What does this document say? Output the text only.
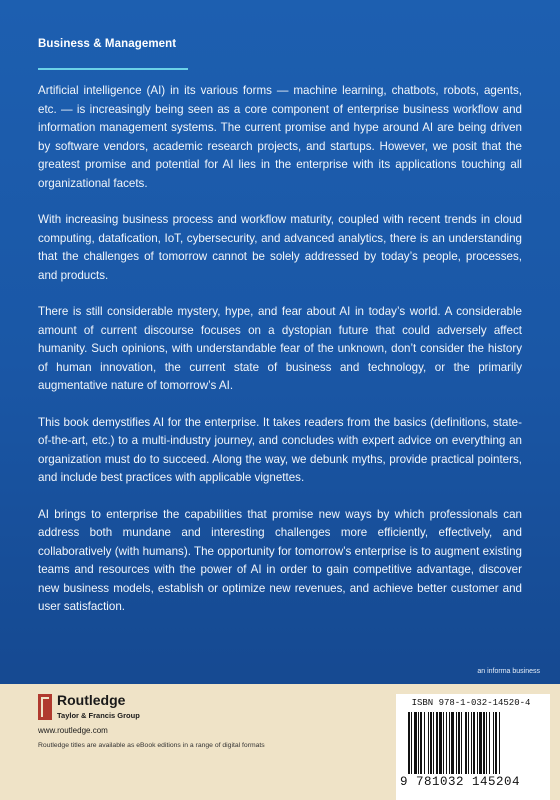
Business & Management

Artificial intelligence (AI) in its various forms — machine learning, chatbots, robots, agents, etc. — is increasingly being seen as a core component of enterprise business workflow and information management systems. The current promise and hype around AI are being driven by software vendors, academic research projects, and startups. However, we posit that the greatest promise and potential for AI lies in the enterprise with its applications touching all organizational facets.

With increasing business process and workflow maturity, coupled with recent trends in cloud computing, datafication, IoT, cybersecurity, and advanced analytics, there is an understanding that the challenges of tomorrow cannot be solely addressed by today’s people, processes, and products.

There is still considerable mystery, hype, and fear about AI in today’s world. A considerable amount of current discourse focuses on a dystopian future that could adversely affect humanity. Such opinions, with understandable fear of the unknown, don’t consider the history of human innovation, the current state of business and technology, or the primarily augmentative nature of tomorrow’s AI.

This book demystifies AI for the enterprise. It takes readers from the basics (definitions, state-of-the-art, etc.) to a multi-industry journey, and concludes with expert advice on everything an organization must do to succeed. Along the way, we debunk myths, provide practical pointers, and include best practices with applicable vignettes.

AI brings to enterprise the capabilities that promise new ways by which professionals can address both mundane and interesting challenges more efficiently, effectively, and collaboratively (with humans). The opportunity for tomorrow’s enterprise is to augment existing teams and resources with the power of AI in order to gain competitive advantage, discover new business models, establish or optimize new revenues, and achieve better customer and user satisfaction.

an informa business
Routledge
Taylor & Francis Group
www.routledge.com
Routledge titles are available as eBook editions in a range of digital formats
ISBN 978-1-032-14520-4
9 781032 145204
